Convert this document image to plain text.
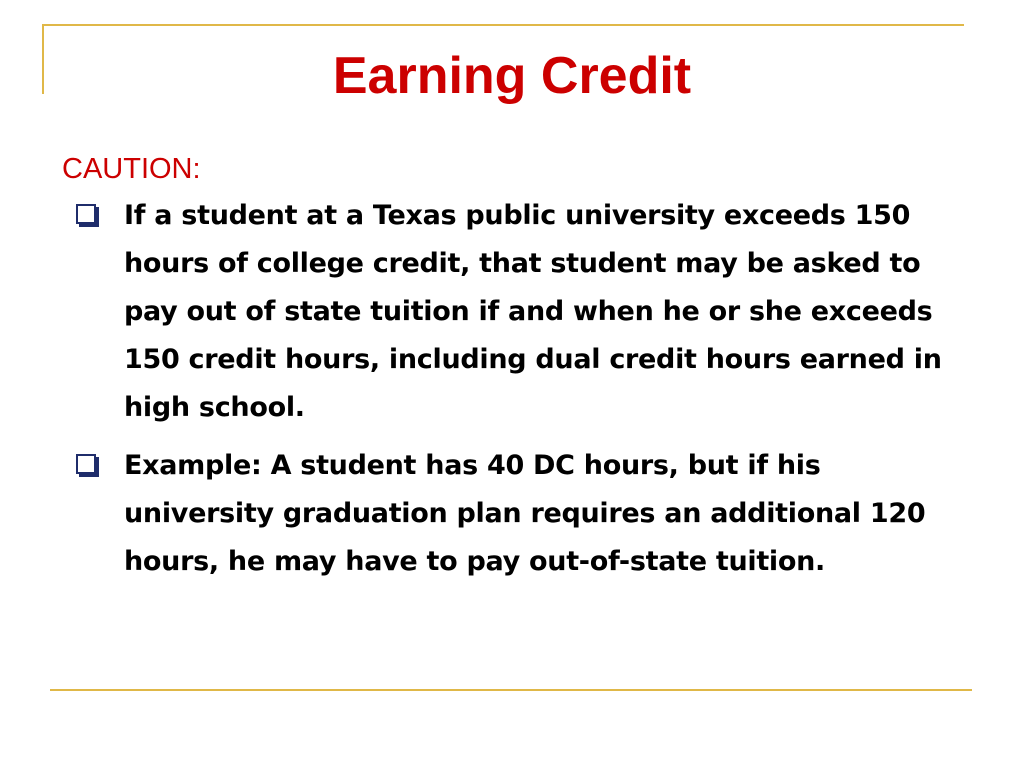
Earning Credit
CAUTION:
If a student at a Texas public university exceeds 150 hours of college credit, that student may be asked to pay out of state tuition if and when he or she exceeds 150 credit hours, including dual credit hours earned in high school.
Example: A student has 40 DC hours, but if his university graduation plan requires an additional 120 hours, he may have to pay out-of-state tuition.
